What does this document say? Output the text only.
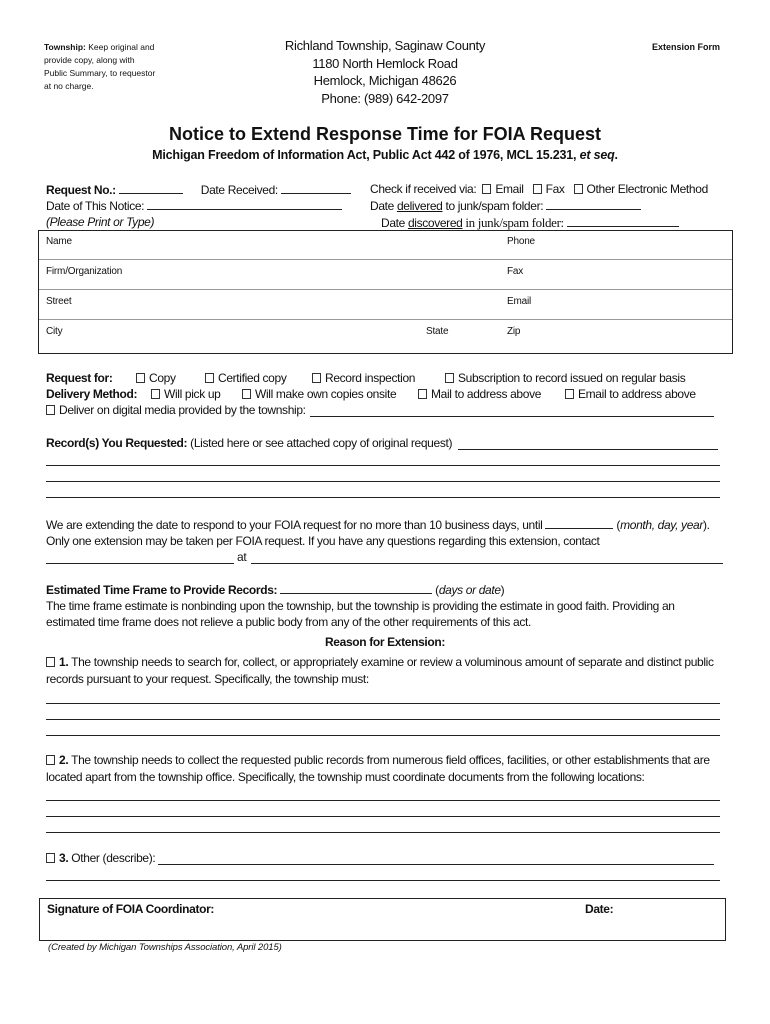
Township: Keep original and provide copy, along with Public Summary, to requestor at no charge.
Richland Township, Saginaw County
1180 North Hemlock Road
Hemlock, Michigan 48626
Phone: (989) 642-2097
Extension Form
Notice to Extend Response Time for FOIA Request
Michigan Freedom of Information Act, Public Act 442 of 1976, MCL 15.231, et seq.
Request No.:	Date Received:
Date of This Notice:
(Please Print or Type)
Check if received via: Email Fax Other Electronic Method
Date delivered to junk/spam folder:
Date discovered in junk/spam folder:
Name	Phone
Firm/Organization	Fax
Street	Email
City	State	Zip
Request for:	Copy	Certified copy	Record inspection	Subscription to record issued on regular basis
Delivery Method:	Will pick up	Will make own copies onsite	Mail to address above	Email to address above
Deliver on digital media provided by the township:
Record(s) You Requested: (Listed here or see attached copy of original request)
We are extending the date to respond to your FOIA request for no more than 10 business days, until	(month, day, year).
Only one extension may be taken per FOIA request. If you have any questions regarding this extension, contact
at
Estimated Time Frame to Provide Records:	(days or date)
The time frame estimate is nonbinding upon the township, but the township is providing the estimate in good faith. Providing an
estimated time frame does not relieve a public body from any of the other requirements of this act.
Reason for Extension:
1. The township needs to search for, collect, or appropriately examine or review a voluminous amount of separate and distinct public
records pursuant to your request. Specifically, the township must:
2. The township needs to collect the requested public records from numerous field offices, facilities, or other establishments that are
located apart from the township office. Specifically, the township must coordinate documents from the following locations:
3. Other (describe):
Signature of FOIA Coordinator:	Date:
(Created by Michigan Townships Association, April 2015)
